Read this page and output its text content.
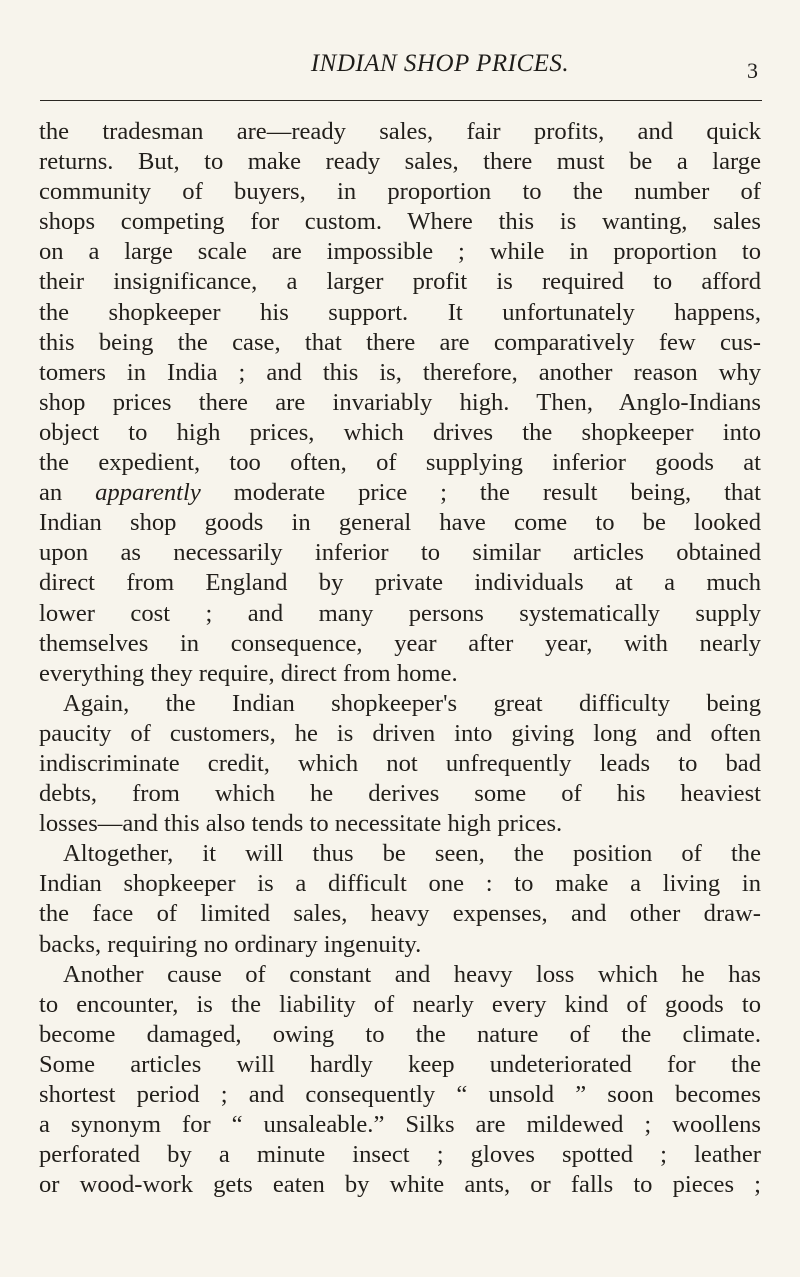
INDIAN SHOP PRICES.	3
the tradesman are—ready sales, fair profits, and quick
returns. But, to make ready sales, there must be a large
community of buyers, in proportion to the number of
shops competing for custom. Where this is wanting, sales
on a large scale are impossible ; while in proportion to
their insignificance, a larger profit is required to afford
the shopkeeper his support. It unfortunately happens,
this being the case, that there are comparatively few cus-
tomers in India ; and this is, therefore, another reason why
shop prices there are invariably high. Then, Anglo-Indians
object to high prices, which drives the shopkeeper into
the expedient, too often, of supplying inferior goods at
an apparently moderate price ; the result being, that
Indian shop goods in general have come to be looked
upon as necessarily inferior to similar articles obtained
direct from England by private individuals at a much
lower cost ; and many persons systematically supply
themselves in consequence, year after year, with nearly
everything they require, direct from home.
Again, the Indian shopkeeper's great difficulty being
paucity of customers, he is driven into giving long and often
indiscriminate credit, which not unfrequently leads to bad
debts, from which he derives some of his heaviest
losses—and this also tends to necessitate high prices.
Altogether, it will thus be seen, the position of the
Indian shopkeeper is a difficult one : to make a living in
the face of limited sales, heavy expenses, and other draw-
backs, requiring no ordinary ingenuity.
Another cause of constant and heavy loss which he has
to encounter, is the liability of nearly every kind of goods to
become damaged, owing to the nature of the climate.
Some articles will hardly keep undeteriorated for the
shortest period ; and consequently “ unsold ” soon becomes
a synonym for “ unsaleable.” Silks are mildewed ; woollens
perforated by a minute insect ; gloves spotted ; leather
or wood-work gets eaten by white ants, or falls to pieces ;
